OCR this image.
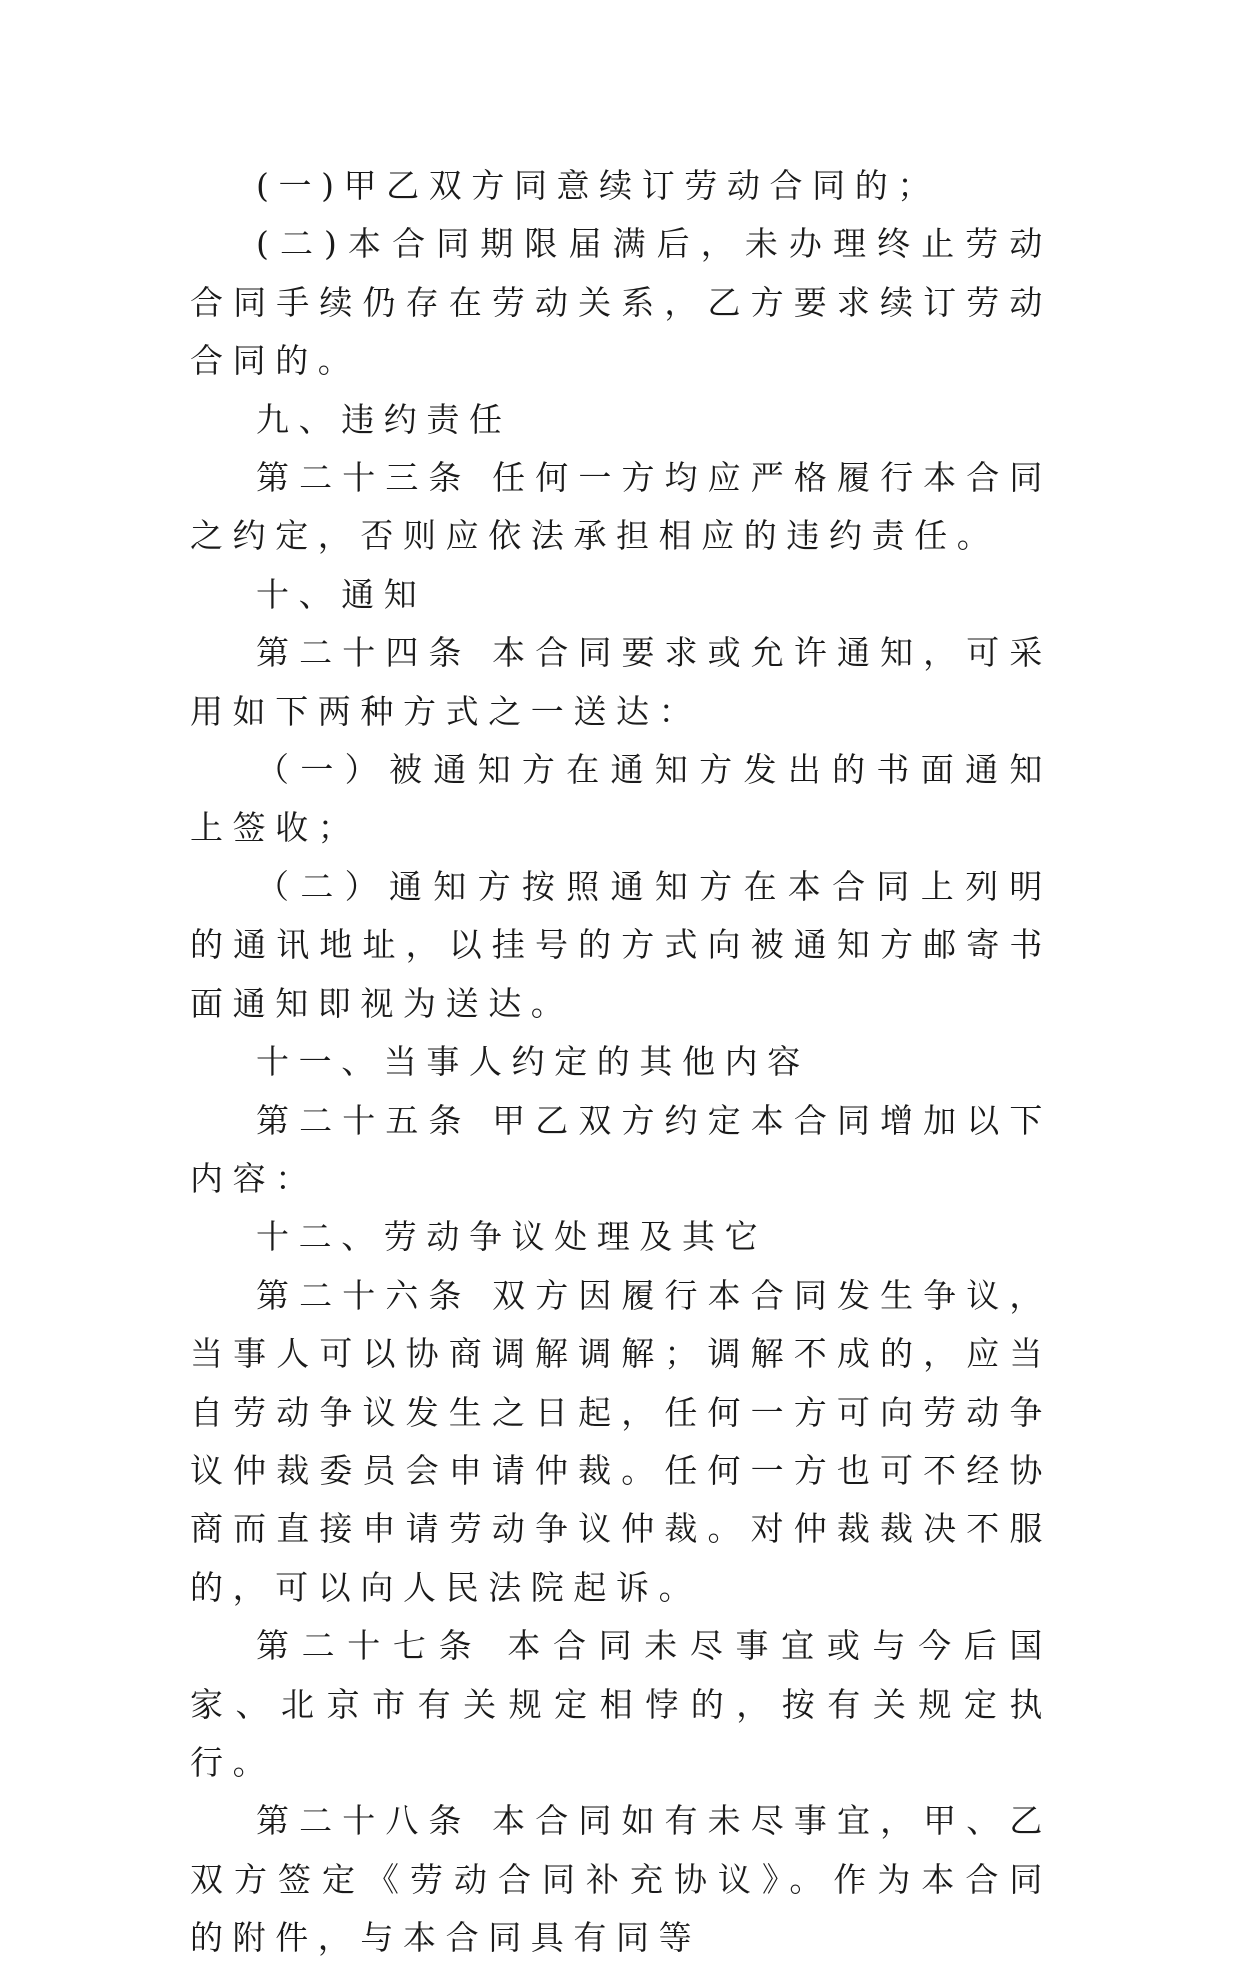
(一)甲乙双方同意续订劳动合同的；

(二)本合同期限届满后，未办理终止劳动合同手续仍存在劳动关系，乙方要求续订劳动合同的。

九、违约责任

第二十三条 任何一方均应严格履行本合同之约定，否则应依法承担相应的违约责任。

十、通知

第二十四条 本合同要求或允许通知，可采用如下两种方式之一送达：

（一）被通知方在通知方发出的书面通知上签收；

（二）通知方按照通知方在本合同上列明的通讯地址，以挂号的方式向被通知方邮寄书面通知即视为送达。

十一、当事人约定的其他内容

第二十五条 甲乙双方约定本合同增加以下内容：

十二、劳动争议处理及其它

第二十六条 双方因履行本合同发生争议，当事人可以协商调解调解；调解不成的，应当自劳动争议发生之日起，任何一方可向劳动争议仲裁委员会申请仲裁。任何一方也可不经协商而直接申请劳动争议仲裁。对仲裁裁决不服的，可以向人民法院起诉。

第二十七条 本合同未尽事宜或与今后国家、北京市有关规定相悖的，按有关规定执行。

第二十八条 本合同如有未尽事宜，甲、乙双方签定《劳动合同补充协议》。作为本合同的附件，与本合同具有同等
